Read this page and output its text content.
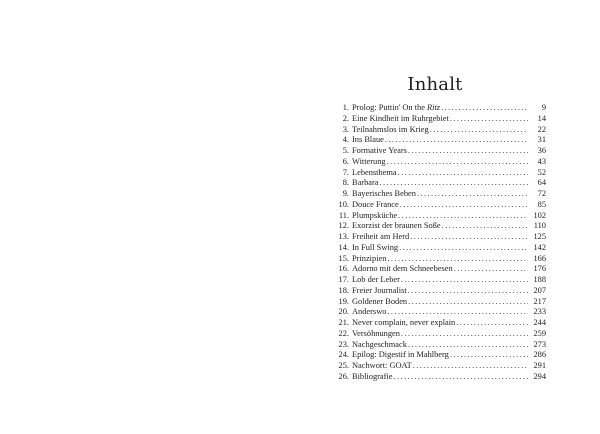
Inhalt
1. Prolog: Puttin' On the Ritz .....	9
2. Eine Kindheit im Ruhrgebiet .....	14
3. Teilnahmslos im Krieg .....	22
4. Ins Blaue .....	31
5. Formative Years .....	36
6. Witterung .....	43
7. Lebensthema .....	52
8. Barbara .....	64
9. Bayerisches Beben .....	72
10. Douce France .....	85
11. Plumpsküche .....	102
12. Exorzist der braunen Soße .....	110
13. Freiheit am Herd .....	125
14. In Full Swing .....	142
15. Prinzipien .....	166
16. Adorno mit dem Schneebesen .....	176
17. Lob der Leber .....	188
18. Freier Journalist .....	207
19. Goldener Boden .....	217
20. Anderswo .....	233
21. Never complain, never explain .....	244
22. Versöhnungen .....	259
23. Nachgeschmack .....	273
24. Epilog: Digestif in Mahlberg .....	286
25. Nachwort: GOAT .....	291
26. Bibliografie .....	294
